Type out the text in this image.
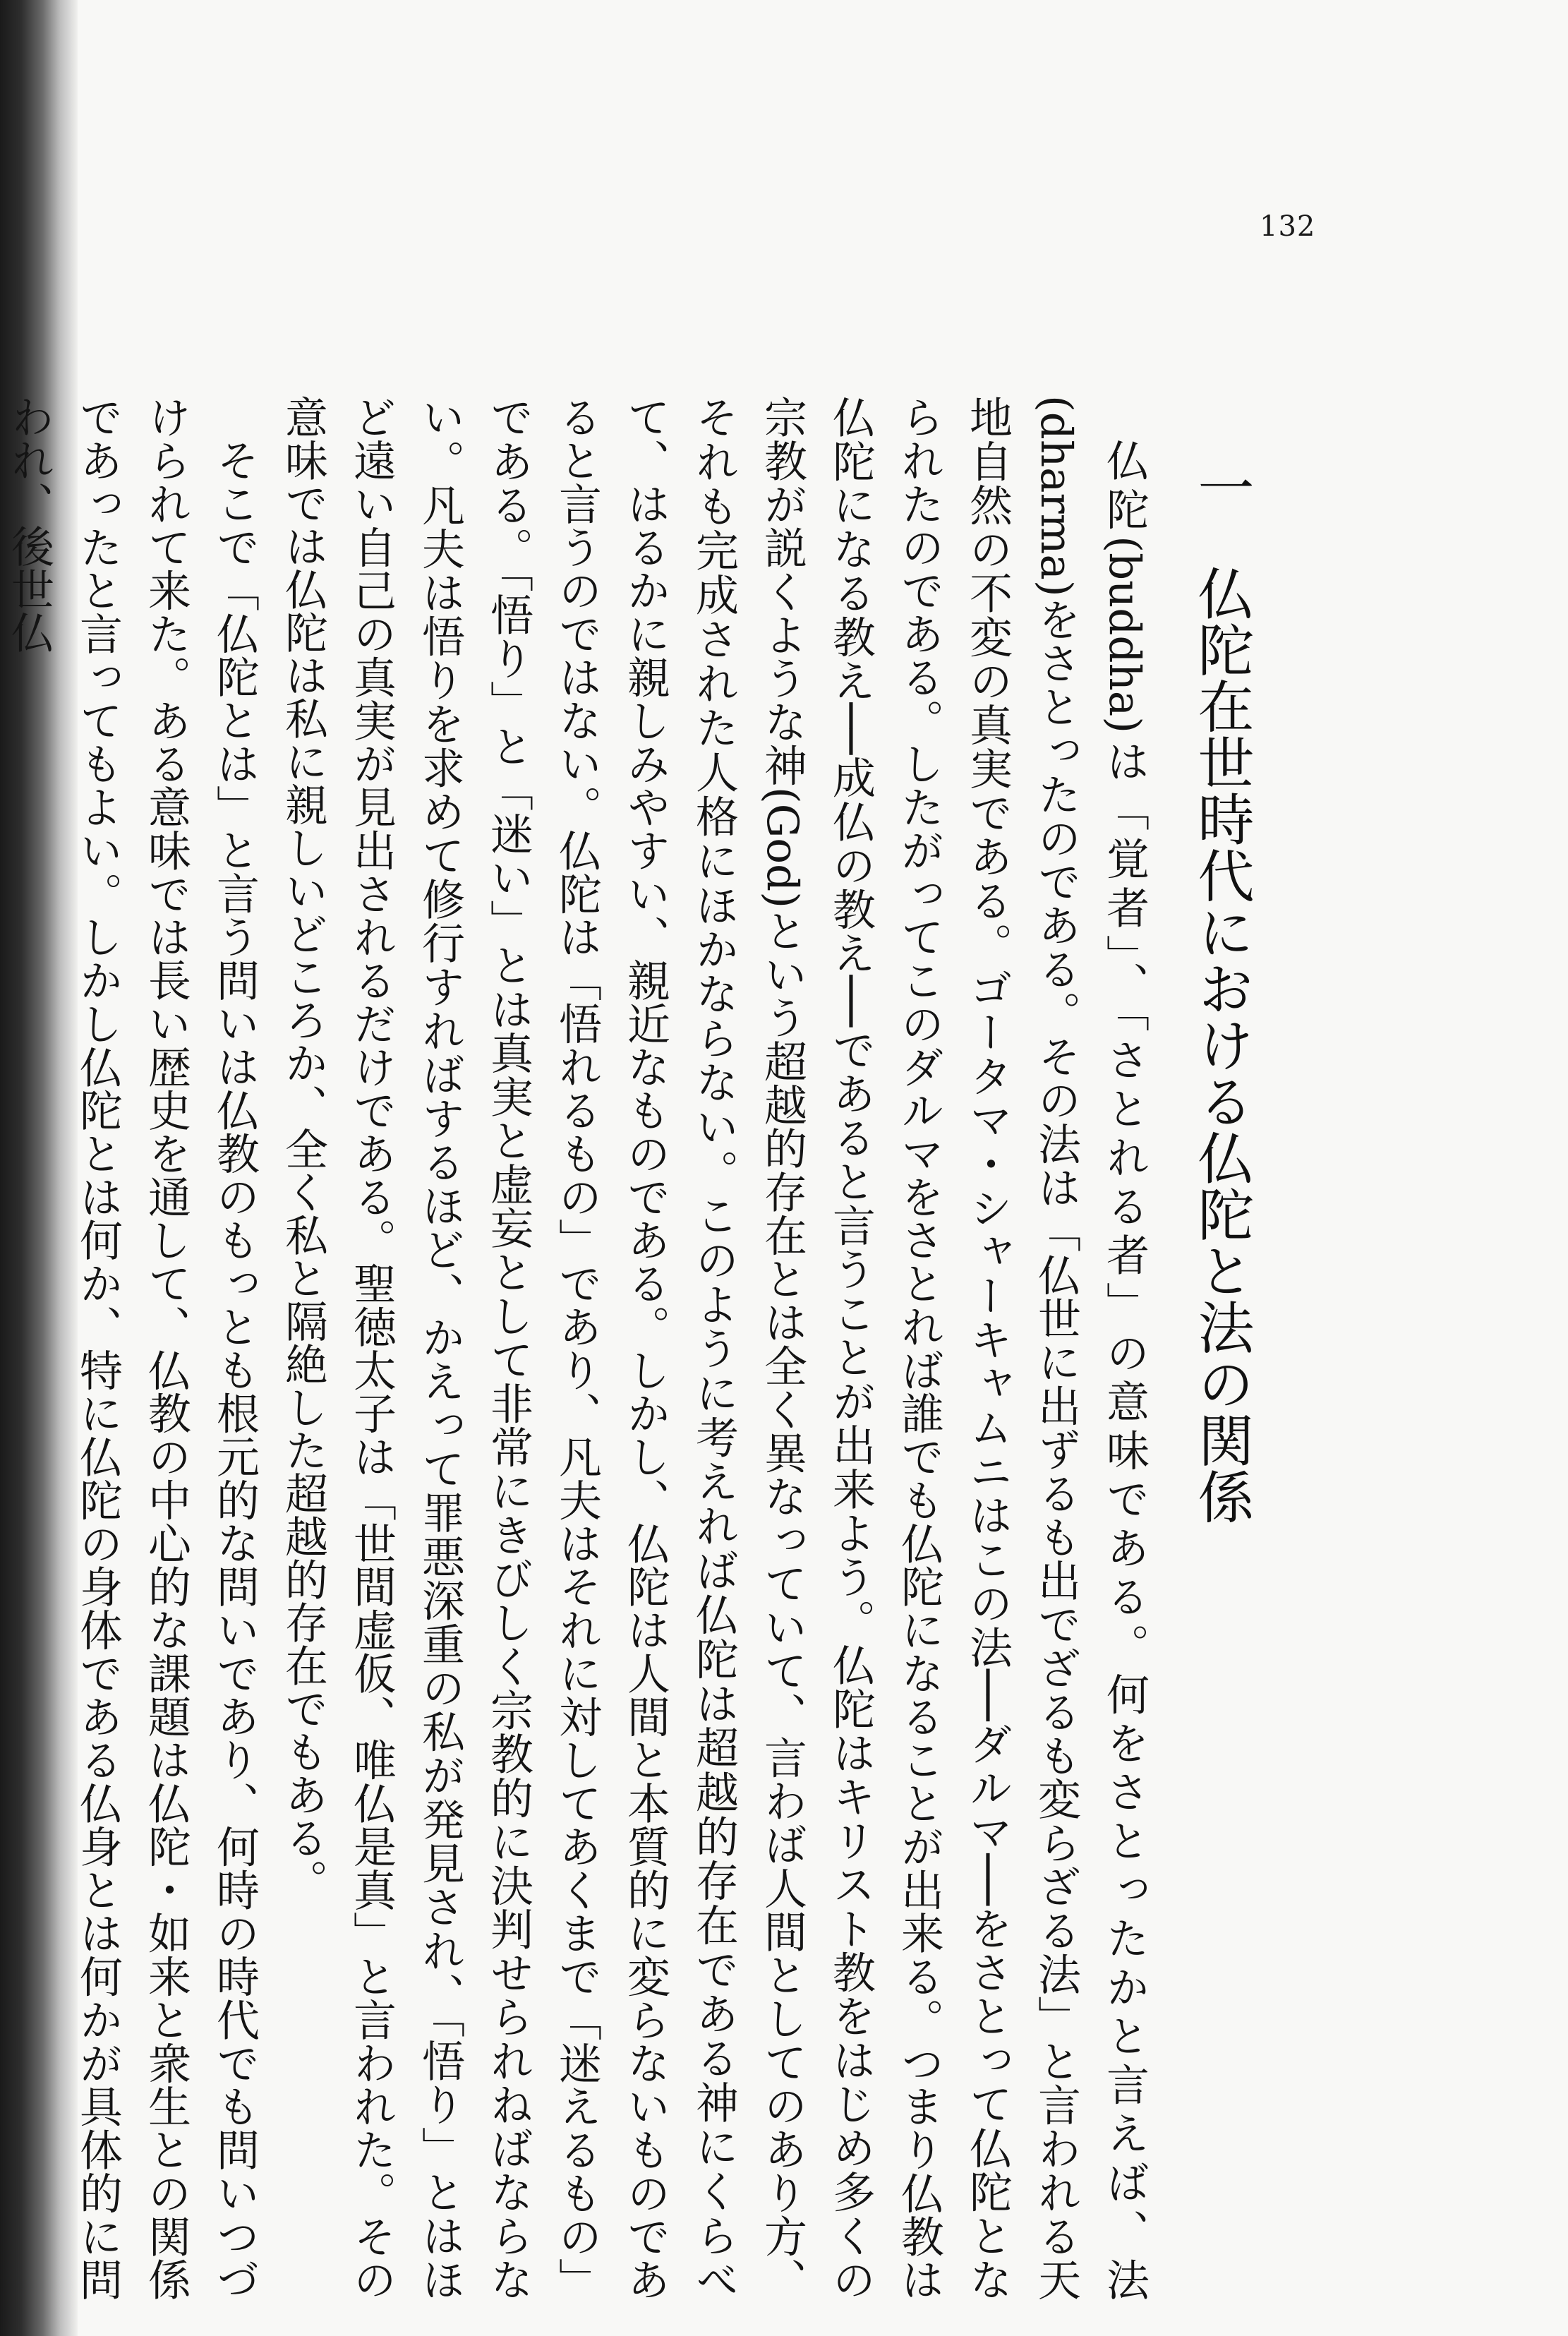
132
一仏陀在世時代における仏陀と法の関係

仏陀(buddha)は「覚者」、「さとれる者」の意味である。何をさとったかと言えば、法(dharma)をさとったのである。その法は「仏世に出ずるも出でざるも変らざる法」と言われる天地自然の不変の真実である。ゴータマ・シャーキャムニはこの法──ダルマ──をさとって仏陀となられたのである。したがってこのダルマをさとれば誰でも仏陀になることが出来る。つまり仏教は仏陀になる教え──成仏の教え──であると言うことが出来よう。仏陀はキリスト教をはじめ多くの宗教が説くような神(God)という超越的存在とは全く異なっていて、言わば人間としてのあり方、それも完成された人格にほかならない。このように考えれば仏陀は超越的存在である神にくらべて、はるかに親しみやすい、親近なものである。しかし、仏陀は人間と本質的に変らないものであると言うのではない。仏陀は「悟れるもの」であり、凡夫はそれに対してあくまで「迷えるもの」である。「悟り」と「迷い」とは真実と虚妄として非常にきびしく宗教的に決判せられねばならない。凡夫は悟りを求めて修行すればするほど、かえって罪悪深重の私が発見され、「悟り」とはほど遠い自己の真実が見出されるだけである。聖徳太子は「世間虚仮、唯仏是真」と言われた。その意味では仏陀は私に親しいどころか、全く私と隔絶した超越的存在でもある。

そこで「仏陀とは」と言う問いは仏教のもっとも根元的な問いであり、何時の時代でも問いつづけられて来た。ある意味では長い歴史を通して、仏教の中心的な課題は仏陀・如来と衆生との関係であったと言ってもよい。しかし仏陀とは何か、特に仏陀の身体である仏身とは何かが具体的に問われ、後世仏
